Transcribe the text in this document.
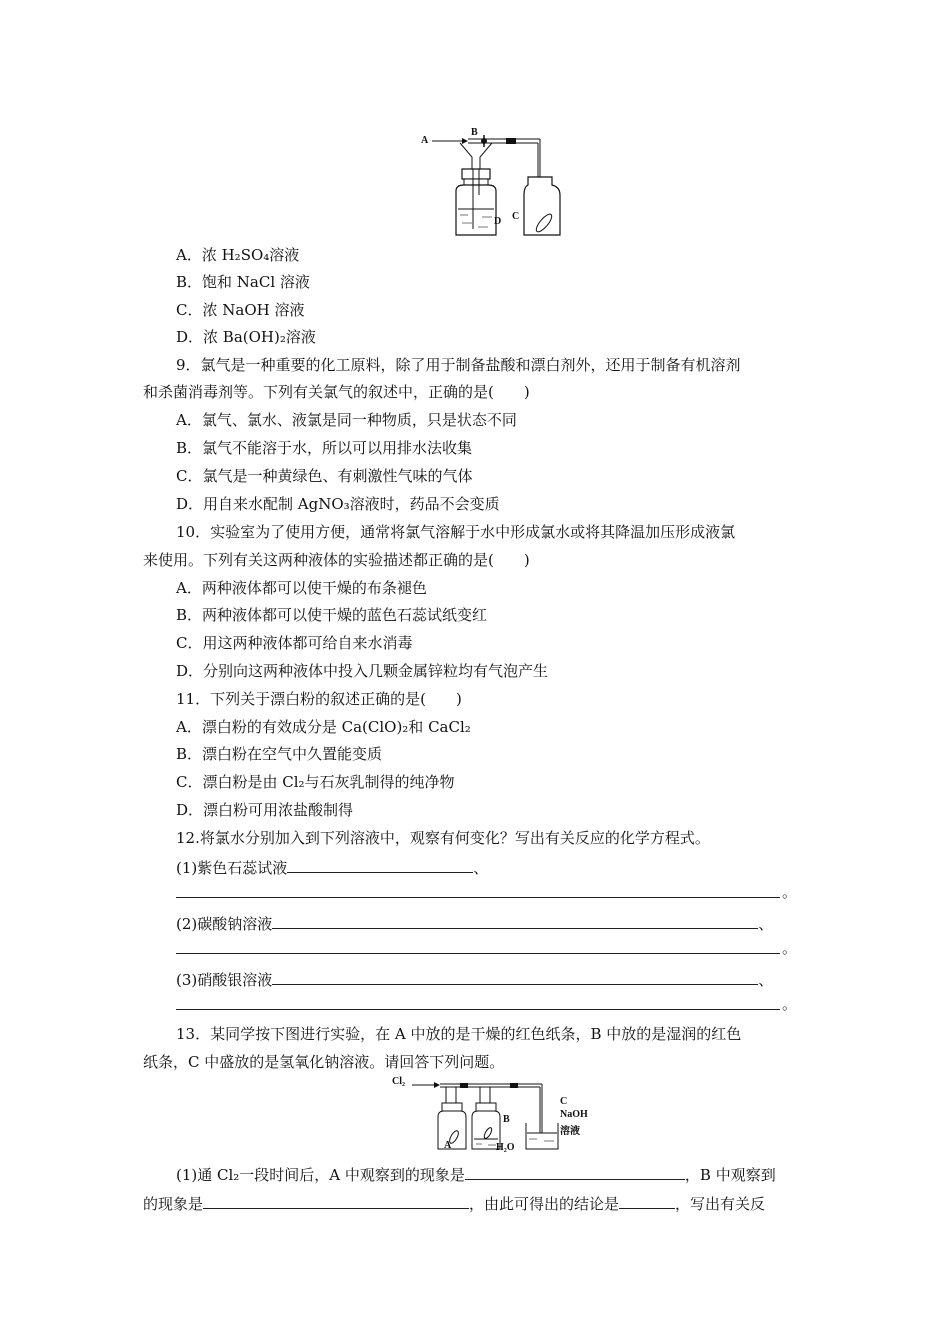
A
B
C
D
A．浓 H₂SO₄溶液
B．饱和 NaCl 溶液
C．浓 NaOH 溶液
D．浓 Ba(OH)₂溶液
9．氯气是一种重要的化工原料，除了用于制备盐酸和漂白剂外，还用于制备有机溶剂
和杀菌消毒剂等。下列有关氯气的叙述中，正确的是(　　)
A．氯气、氯水、液氯是同一种物质，只是状态不同
B．氯气不能溶于水，所以可以用排水法收集
C．氯气是一种黄绿色、有刺激性气味的气体
D．用自来水配制 AgNO₃溶液时，药品不会变质
10．实验室为了使用方便，通常将氯气溶解于水中形成氯水或将其降温加压形成液氯
来使用。下列有关这两种液体的实验描述都正确的是(　　)
A．两种液体都可以使干燥的布条褪色
B．两种液体都可以使干燥的蓝色石蕊试纸变红
C．用这两种液体都可给自来水消毒
D．分别向这两种液体中投入几颗金属锌粒均有气泡产生
11．下列关于漂白粉的叙述正确的是(　　)
A．漂白粉的有效成分是 Ca(ClO)₂和 CaCl₂
B．漂白粉在空气中久置能变质
C．漂白粉是由 Cl₂与石灰乳制得的纯净物
D．漂白粉可用浓盐酸制得
12.将氯水分别加入到下列溶液中，观察有何变化？写出有关反应的化学方程式。
(1)紫色石蕊试液	、
。
(2)碳酸钠溶液	、
。
(3)硝酸银溶液	、
。
13．某同学按下图进行实验，在 A 中放的是干燥的红色纸条，B 中放的是湿润的红色
纸条，C 中盛放的是氢氧化钠溶液。请回答下列问题。
Cl₂
A
B
H₂O
C
NaOH
溶液
(1)通 Cl₂一段时间后，A 中观察到的现象是	，B 中观察到
的现象是	，由此可得出的结论是	，写出有关反
